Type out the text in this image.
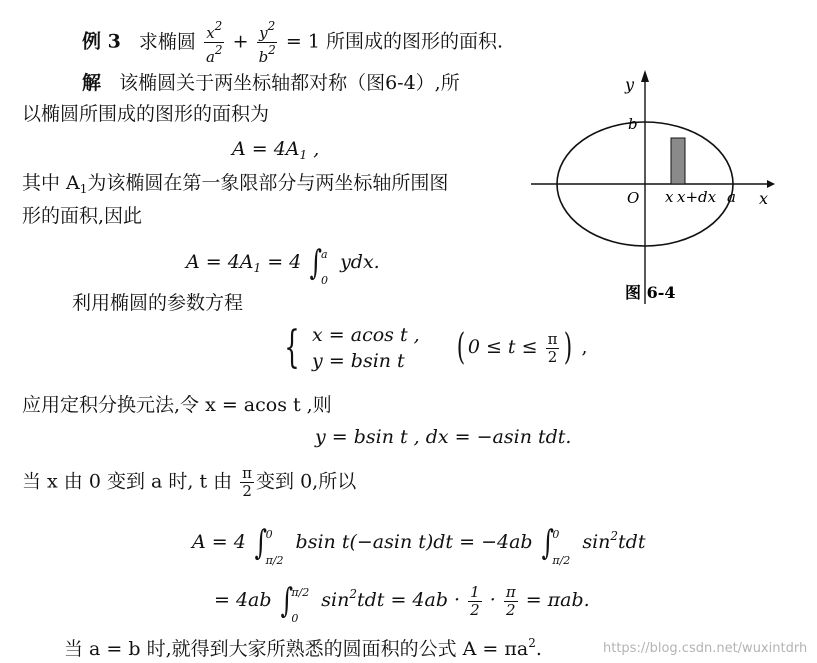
例 3 求椭圆 $\frac{x^2}{a^2} + \frac{y^2}{b^2} = 1$ 所围成的图形的面积.
解 该椭圆关于两坐标轴都对称（图6-4）,所
以椭圆所围成的图形的面积为
$A = 4A_1$ ,
其中 $A_1$为该椭圆在第一象限部分与两坐标轴所围图
形的面积,因此
$A = 4A_1 = 4$ ∫
a
0
ydx.
利用椭圆的参数方程
{ x = acos t ,
y = bsin t	( $0 \le t \le \frac{\pi}{2}$ ) ,
应用定积分换元法,令 x = acos t ,则
y = bsin t , dx = −asin tdt.
当 x 由 0 变到 a 时, t 由 $\frac{\pi}{2}$ 变到 0,所以
A = 4 ∫
0
π/2
bsin t(−asin t)dt = −4ab ∫
0
π/2
$\sin^2tdt$
= 4ab ∫
π/2
0
$\sin^2tdt = 4ab \cdot \frac{1}{2} \cdot \frac{\pi}{2} = \pi ab$.
当 a = b 时,就得到大家所熟悉的圆面积的公式 $A = \pi a^2$.
y
b
O x x+dx a x
图 6-4
https://blog.csdn.net/wuxintdrh
